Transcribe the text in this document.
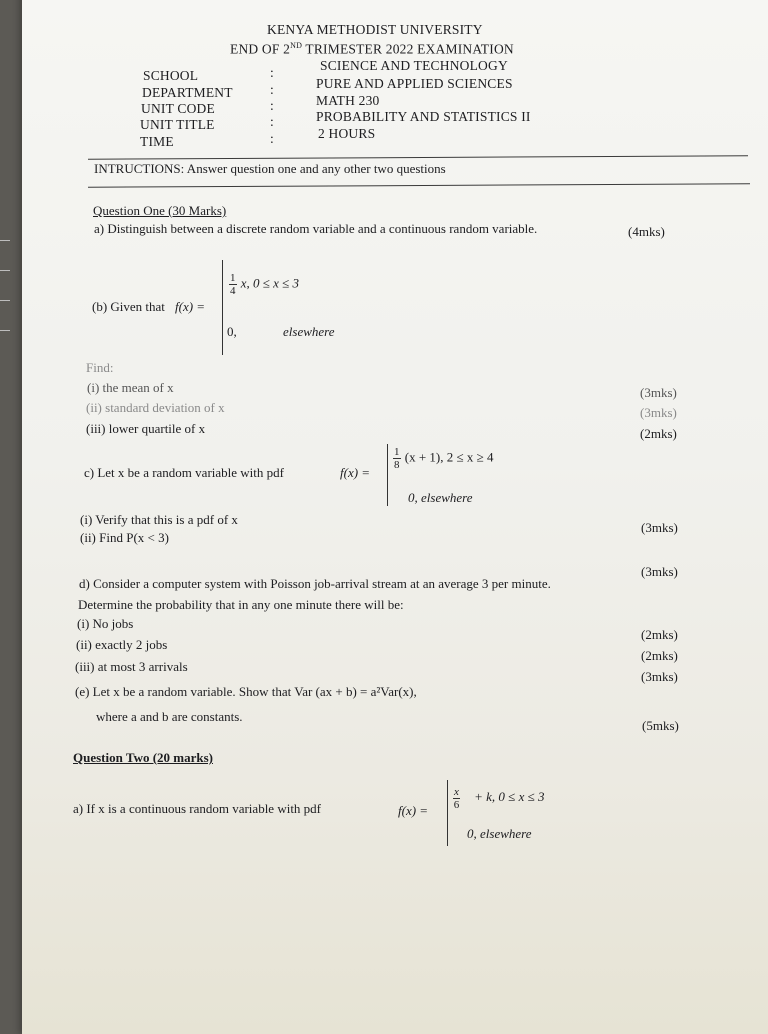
KENYA METHODIST UNIVERSITY
END OF 2ND TRIMESTER 2022 EXAMINATION
SCHOOL	:	SCIENCE AND TECHNOLOGY
DEPARTMENT	:	PURE AND APPLIED SCIENCES
UNIT CODE	:	MATH 230
UNIT TITLE	:	PROBABILITY AND STATISTICS II
TIME	:	2 HOURS
INTRUCTIONS: Answer question one and any other two questions
Question One (30 Marks)
a) Distinguish between a discrete random variable and a continuous random variable.	(4mks)
(b) Given that f(x) =
$\frac{1}{4} x$, 0 ≤ x ≤ 3
0,	elsewhere
Find:
(i) the mean of x	(3mks)
(ii) standard deviation of x	(3mks)
(iii) lower quartile of x	(2mks)
c) Let x be a random variable with pdf	f(x) =
$\frac{1}{8} (x + 1)$, 2 ≤ x ≥ 4
0, elsewhere
(i) Verify that this is a pdf of x
(3mks)
(ii) Find P(x < 3)
(3mks)
d) Consider a computer system with Poisson job-arrival stream at an average 3 per minute.
Determine the probability that in any one minute there will be:
(i) No jobs
(2mks)
(ii) exactly 2 jobs
(2mks)
(iii) at most 3 arrivals
(3mks)
(e) Let x be a random variable. Show that Var (ax + b) = a²Var(x),
where a and b are constants.
(5mks)
Question Two (20 marks)
a) If x is a continuous random variable with pdf	$f(x) = \frac{x}{6} + k$, 0 ≤ x ≤ 3
0, elsewhere
